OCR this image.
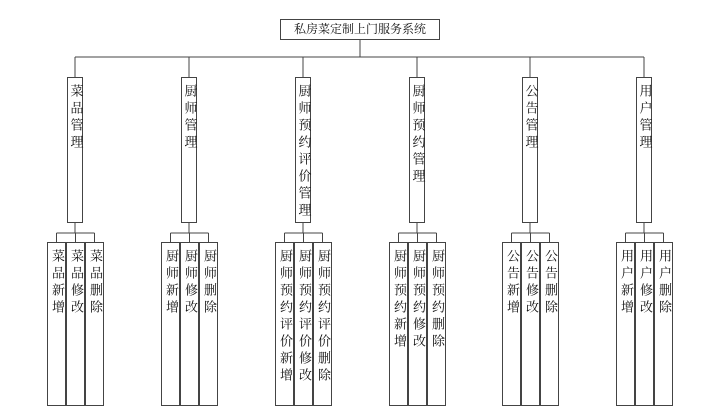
私房菜定制上门服务系统
菜品管理	厨师管理	厨师预约评价管理	厨师预约管理	公告管理	用户管理
菜品新增 菜品修改 菜品删除	厨师新增 厨师修改 厨师删除	厨师预约评价新增 厨师预约评价修改 厨师预约评价删除	厨师预约新增 厨师预约修改 厨师预约删除	公告新增 公告修改 公告删除	用户新增 用户修改 用户删除
